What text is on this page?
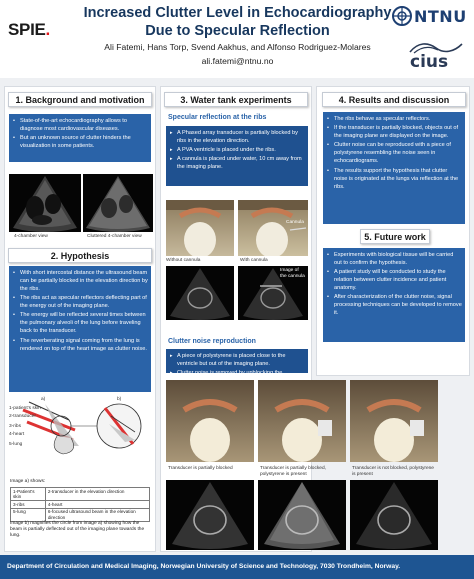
SPIE.
Increased Clutter Level in Echocardiography
Due to Specular Reflection
Ali Fatemi, Hans Torp, Svend Aakhus, and Alfonso Rodriguez-Molares
ali.fatemi@ntnu.no
NTNU
cius
1. Background and motivation
• State-of-the-art echocardiography allows to diagnose most cardiovascular diseases.
• But an unknown source of clutter hinders the visualization in some patients.
4-chamber view	Cluttered 4-chamber view
2. Hypothesis
• With short intercostal distance the ultrasound beam can be partially blocked in the elevation direction by the ribs.
• The ribs act as specular reflectors deflecting part of the energy out of the imaging plane.
• The energy will be reflected several times between the pulmonary alveoli of the lung before traveling back to the transducer.
• The reverberating signal coming from the lung is rendered on top of the heart image as clutter noise.
a)	b)
1-patient's skin
2-transducer
3-ribs
4-heart
5-lung
Image a) shows:
1-Patient's skin	2-transducer in the elevation direction
3-ribs	4-heart
5-lung	6-focused ultrasound beam in the elevation direction
Image b) magnifies the circle from image a) showing how the beam is partially deflected out of the imaging plane towards the lung.
3. Water tank experiments
Specular reflection at the ribs
▸ A Phased array transducer is partially blocked by ribs in the elevation direction.
▸ A PVA ventricle is placed under the ribs.
▸ A cannula is placed under water, 10 cm away from the imaging plane.
Cannula
Without cannula	With cannula
Image of the cannula
Clutter noise reproduction
▸ A piece of polystyrene is placed close to the ventricle but out of the imaging plane.
▸ Clutter noise is removed by unblocking the
Transducer is partially blocked	Transducer is partially blocked, polystyrene is present
Transducer is not blocked, polystyrene is present
4. Results and discussion
• The ribs behave as specular reflectors.
• If the transducer is partially blocked, objects out of the imaging plane are displayed on the image.
• Clutter noise can be reproduced with a piece of polystyrene resembling the noise seen in echocardiograms.
• The results support the hypothesis that clutter noise is originated at the lungs via reflection at the ribs.
5. Future work
• Experiments with biological tissue will be carried out to confirm the hypothesis.
• A patient study will be conducted to study the relation between clutter incidence and patient anatomy.
• After characterization of the clutter noise, signal processing techniques can be developed to remove it.
Department of Circulation and Medical Imaging, Norwegian University of Science and Technology, 7030 Trondheim, Norway.
